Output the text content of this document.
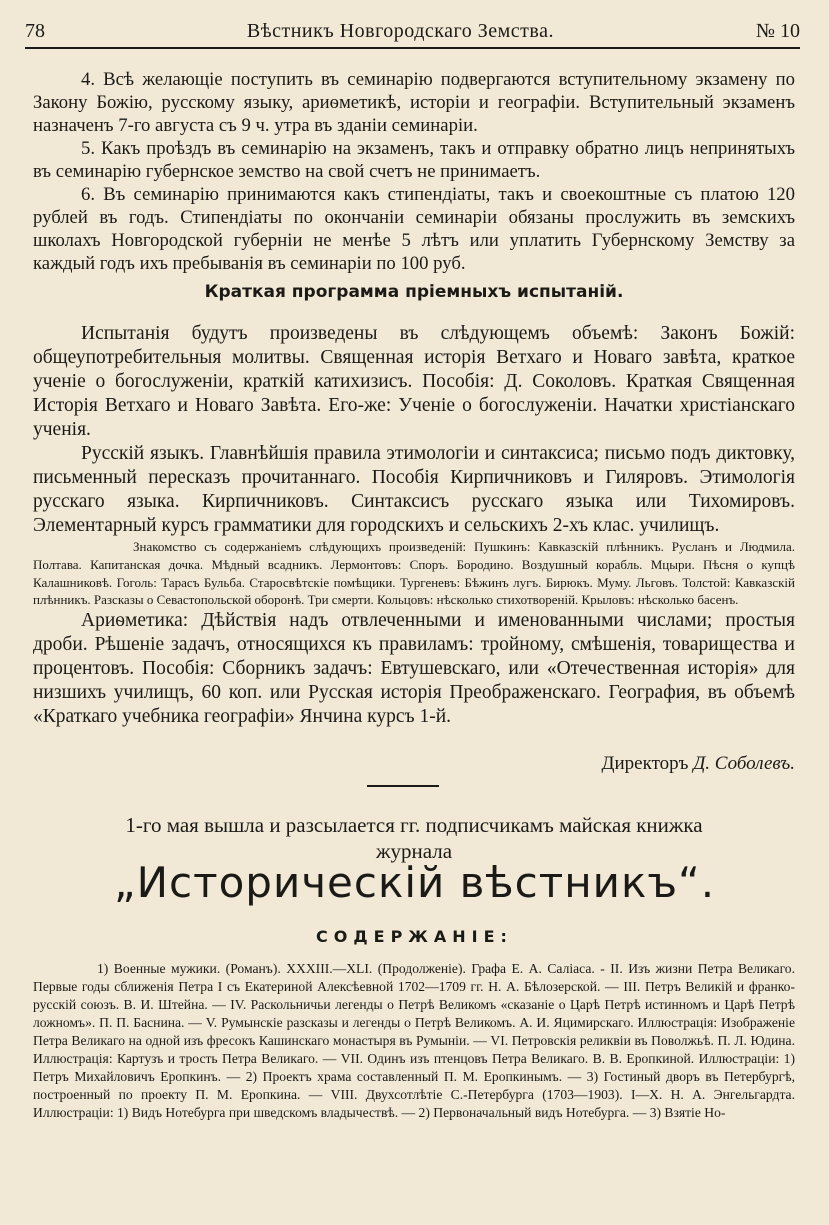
78	Вѣстникъ Новгородскаго Земства.	№ 10

4. Всѣ желающіе поступить въ семинарію подвергаются вступительному экзамену по Закону Божію, русскому языку, ариѳметикѣ, исторіи и географіи. Вступительный экзаменъ назначенъ 7-го августа съ 9 ч. утра въ зданіи семинаріи.

5. Какъ проѣздъ въ семинарію на экзаменъ, такъ и отправку обратно лицъ непринятыхъ въ семинарію губернское земство на свой счетъ не принимаетъ.

6. Въ семинарію принимаются какъ стипендіаты, такъ и своекоштные съ платою 120 рублей въ годъ. Стипендіаты по окончаніи семинаріи обязаны прослужить въ земскихъ школахъ Новгородской губерніи не менѣе 5 лѣтъ или уплатить Губернскому Земству за каждый годъ ихъ пребыванія въ семинаріи по 100 руб.

Краткая программа пріемныхъ испытаній.

Испытанія будутъ произведены въ слѣдующемъ объемѣ: Законъ Божій: общеупотребительныя молитвы. Священная исторія Ветхаго и Новаго завѣта, краткое ученіе о богослуженіи, краткій катихизисъ. Пособія: Д. Соколовъ. Краткая Священная Исторія Ветхаго и Новаго Завѣта. Его-же: Ученіе о богослуженіи. Начатки христіанскаго ученія.

Русскій языкъ. Главнѣйшія правила этимологіи и синтаксиса; письмо подъ диктовку, письменный пересказъ прочитаннаго. Пособія Кирпичниковъ и Гиляровъ. Этимологія русскаго языка. Кирпичниковъ. Синтаксисъ русскаго языка или Тихомировъ. Элементарный курсъ грамматики для городскихъ и сельскихъ 2-хъ клас. училищъ.

Знакомство съ содержаніемъ слѣдующихъ произведеній: Пушкинъ: Кавказскій плѣнникъ. Русланъ и Людмила. Полтава. Капитанская дочка. Мѣдный всадникъ. Лермонтовъ: Споръ. Бородино. Воздушный корабль. Мцыри. Пѣсня о купцѣ Калашниковѣ. Гоголь: Тарасъ Бульба. Старосвѣтскіе помѣщики. Тургеневъ: Бѣжинъ лугъ. Бирюкъ. Муму. Льговъ. Толстой: Кавказскій плѣнникъ. Разсказы о Севастопольской оборонѣ. Три смерти. Кольцовъ: нѣсколько стихотвореній. Крыловъ: нѣсколько басенъ.

Ариѳметика: Дѣйствія надъ отвлеченными и именованными числами; простыя дроби. Рѣшеніе задачъ, относящихся къ правиламъ: тройному, смѣшенія, товарищества и процентовъ. Пособія: Сборникъ задачъ: Евтушевскаго, или «Отечественная исторія» для низшихъ училищъ, 60 коп. или Русская исторія Преображенскаго. География, въ объемѣ «Краткаго учебника географіи» Янчина курсъ 1-й.

Директоръ Д. Соболевъ.
1-го мая вышла и разсылается гг. подписчикамъ майская книжка
журнала
„Историческій вѣстникъ“.
СОДЕРЖАНІЕ:

1) Военные мужики. (Романъ). XXXIII.—XLI. (Продолженіе). Графа Е. А. Саліаса. - II. Изъ жизни Петра Великаго. Первые годы сближенія Петра I съ Екатериной Алексѣевной 1702—1709 гг. Н. А. Бѣлозерской. — III. Петръ Великій и франко-русскій союзъ. В. И. Штейна. — IV. Раскольничьи легенды о Петрѣ Великомъ «сказаніе о Царѣ Петрѣ истинномъ и Царѣ Петрѣ ложномъ». П. П. Баснина. — V. Румынскіе разсказы и легенды о Петрѣ Великомъ. А. И. Яцимирскаго. Иллюстрація: Изображеніе Петра Великаго на одной изъ фресокъ Кашинскаго монастыря въ Румыніи. — VI. Петровскія реликвіи въ Поволжьѣ. П. Л. Юдина. Иллюстрація: Картузъ и трость Петра Великаго. — VII. Одинъ изъ птенцовъ Петра Великаго. В. В. Еропкиной. Иллюстраціи: 1) Петръ Михайловичъ Еропкинъ. — 2) Проектъ храма составленный П. М. Еропкинымъ. — 3) Гостиный дворъ въ Петербургѣ, построенный по проекту П. М. Еропкина. — VIII. Двухсотлѣтіе С.-Петербурга (1703—1903). I—X. Н. А. Энгельгардта. Иллюстраціи: 1) Видъ Нотебурга при шведскомъ владычествѣ. — 2) Первоначальный видъ Нотебурга. — 3) Взятіе Но-
